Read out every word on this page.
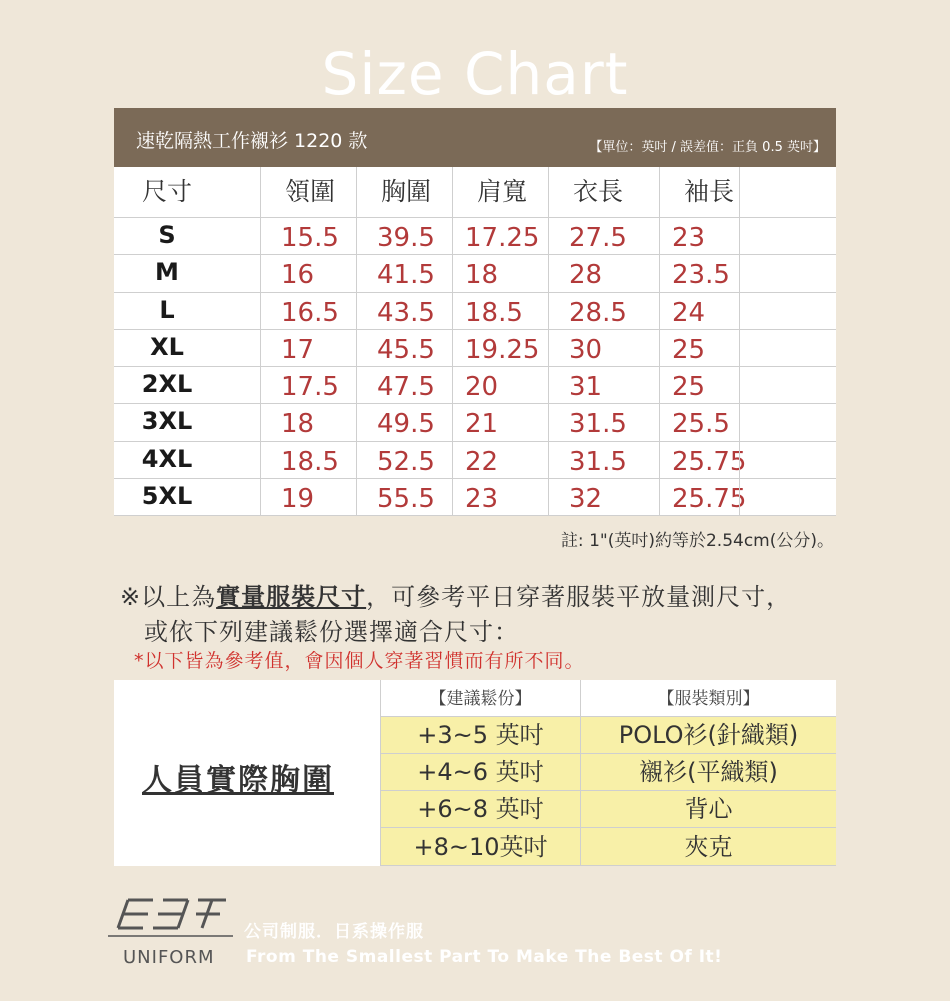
Size Chart
速乾隔熱工作襯衫 1220 款	【單位：英吋 / 誤差值：正負 0.5 英吋】
尺寸	領圍	胸圍	肩寬	衣長	袖長
S	15.5	39.5	17.25	27.5	23
M	16	41.5	18	28	23.5
L	16.5	43.5	18.5	28.5	24
XL	17	45.5	19.25	30	25
2XL	17.5	47.5	20	31	25
3XL	18	49.5	21	31.5	25.5
4XL	18.5	52.5	22	31.5	25.75
5XL	19	55.5	23	32	25.75
註: 1"(英吋)約等於2.54cm(公分)。
※以上為實量服裝尺寸，可參考平日穿著服裝平放量測尺寸，
或依下列建議鬆份選擇適合尺寸：
*以下皆為參考值，會因個人穿著習慣而有所不同。
人員實際胸圍
【建議鬆份】	【服裝類別】
+3~5 英吋	POLO衫(針織類)
+4~6 英吋	襯衫(平織類)
+6~8 英吋	背心
+8~10英吋	夾克
UNIFORM
公司制服．日系操作服
From The Smallest Part To Make The Best Of It!
